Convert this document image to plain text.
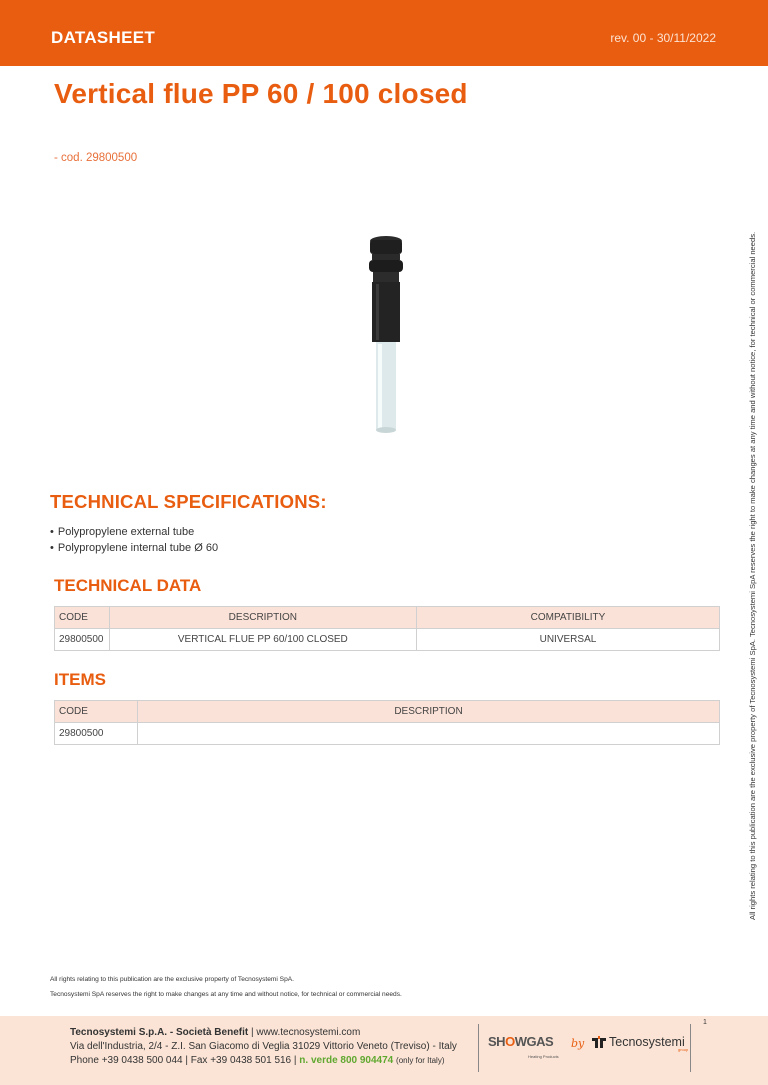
DATASHEET	rev. 00 - 30/11/2022
Vertical flue PP 60 / 100 closed
- cod. 29800500
TECHNICAL SPECIFICATIONS:
• Polypropylene external tube
• Polypropylene internal tube Ø 60
TECHNICAL DATA
CODE	DESCRIPTION	COMPATIBILITY
29800500	VERTICAL FLUE PP 60/100 CLOSED	UNIVERSAL
ITEMS
CODE	DESCRIPTION
29800500		All rights relating to this publication are the exclusive property of Tecnosystemi SpA. Tecnosystemi SpA reserves the right to make changes at any time and without notice, for technical or commercial needs.
All rights relating to this publication are the exclusive property of Tecnosystemi SpA.
Tecnosystemi SpA reserves the right to make changes at any time and without notice, for technical or commercial needs.
Tecnosystemi S.p.A. - Società Benefit | www.tecnosystemi.com
Via dell'Industria, 2/4 - Z.I. San Giacomo di Veglia 31029 Vittorio Veneto (Treviso) - Italy
Phone +39 0438 500 044 | Fax +39 0438 501 516 | n. verde 800 904474 (only for Italy)
SHOWGAS
Heating Products
by Tecnosystemi
group
1
